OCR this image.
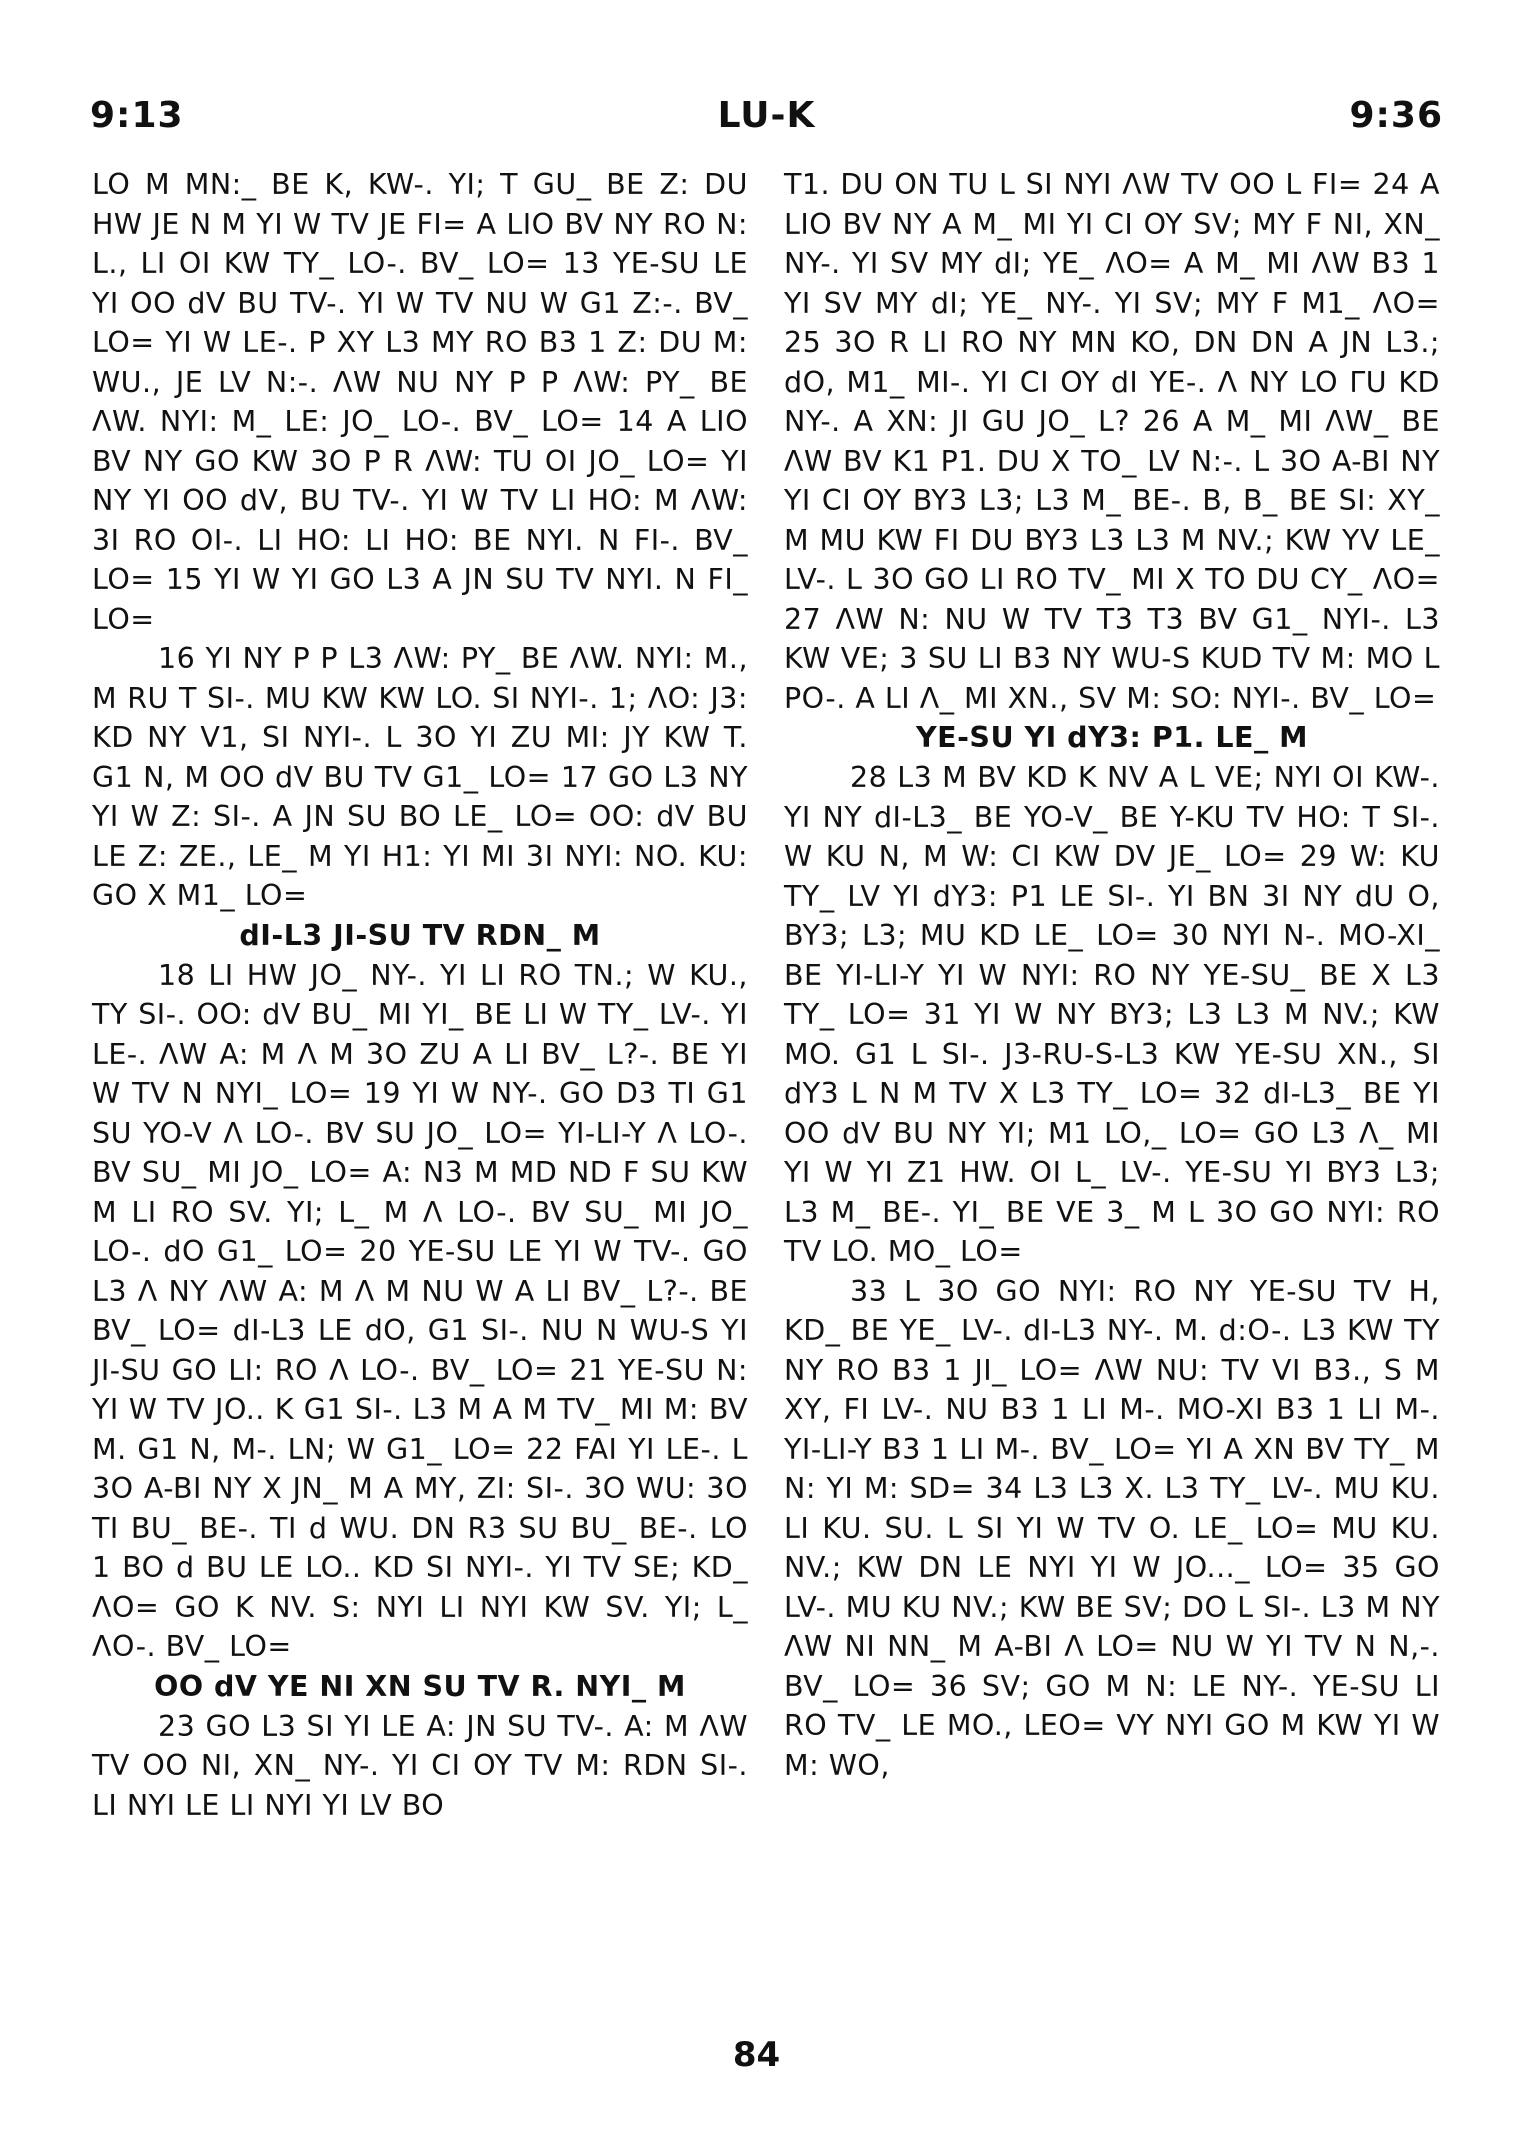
9:13	LU-K	9:36

LO M MN:_ BE K, KW-. YI; T GU_ BE Z: DU HW JE N M YI W TV JE FI= A LIO BV NY RO N: L., LI OI KW TY_ LO-. BV_ LO= 13 YE-SU LE YI OO dV BU TV-. YI W TV NU W G1 Z:-. BV_ LO= YI W LE-. P XY L3 MY RO B3 1 Z: DU M: WU., JE LV N:-. ΛW NU NY P P ΛW: PY_ BE ΛW. NYI: M_ LE: JO_ LO-. BV_ LO= 14 A LIO BV NY GO KW 3O P R ΛW: TU OI JO_ LO= YI NY YI OO dV, BU TV-. YI W TV LI HO: M ΛW: 3I RO OI-. LI HO: LI HO: BE NYI. N FI-. BV_ LO= 15 YI W YI GO L3 A JN SU TV NYI. N FI_ LO=

16 YI NY P P L3 ΛW: PY_ BE ΛW. NYI: M., M RU T SI-. MU KW KW LO. SI NYI-. 1; ΛO: J3: KD NY V1, SI NYI-. L 3O YI ZU MI: JY KW T. G1 N, M OO dV BU TV G1_ LO= 17 GO L3 NY YI W Z: SI-. A JN SU BO LE_ LO= OO: dV BU LE Z: ZE., LE_ M YI H1: YI MI 3I NYI: NO. KU: GO X M1_ LO=

dI-L3 JI-SU TV RDN_ M

18 LI HW JO_ NY-. YI LI RO TN.; W KU., TY SI-. OO: dV BU_ MI YI_ BE LI W TY_ LV-. YI LE-. ΛW A: M Λ M 3O ZU A LI BV_ L?-. BE YI W TV N NYI_ LO= 19 YI W NY-. GO D3 TI G1 SU YO-V Λ LO-. BV SU JO_ LO= YI-LI-Y Λ LO-. BV SU_ MI JO_ LO= A: N3 M MD ND F SU KW M LI RO SV. YI; L_ M Λ LO-. BV SU_ MI JO_ LO-. dO G1_ LO= 20 YE-SU LE YI W TV-. GO L3 Λ NY ΛW A: M Λ M NU W A LI BV_ L?-. BE BV_ LO= dI-L3 LE dO, G1 SI-. NU N WU-S YI JI-SU GO LI: RO Λ LO-. BV_ LO= 21 YE-SU N: YI W TV JO.. K G1 SI-. L3 M A M TV_ MI M: BV M. G1 N, M-. LN; W G1_ LO= 22 FAI YI LE-. L 3O A-BI NY X JN_ M A MY, ZI: SI-. 3O WU: 3O TI BU_ BE-. TI d WU. DN R3 SU BU_ BE-. LO 1 BO d BU LE LO.. KD SI NYI-. YI TV SE; KD_ ΛO= GO K NV. S: NYI LI NYI KW SV. YI; L_ ΛO-. BV_ LO=

OO dV YE NI XN SU TV R. NYI_ M

23 GO L3 SI YI LE A: JN SU TV-. A: M ΛW TV OO NI, XN_ NY-. YI CI OY TV M: RDN SI-. LI NYI LE LI NYI YI LV BO

T1. DU ON TU L SI NYI ΛW TV OO L FI= 24 A LIO BV NY A M_ MI YI CI OY SV; MY F NI, XN_ NY-. YI SV MY dI; YE_ ΛO= A M_ MI ΛW B3 1 YI SV MY dI; YE_ NY-. YI SV; MY F M1_ ΛO= 25 3O R LI RO NY MN KO, DN DN A JN L3.; dO, M1_ MI-. YI CI OY dI YE-. Λ NY LO ΓU KD NY-. A XN: JI GU JO_ L? 26 A M_ MI ΛW_ BE ΛW BV K1 P1. DU X TO_ LV N:-. L 3O A-BI NY YI CI OY BY3 L3; L3 M_ BE-. B, B_ BE SI: XY_ M MU KW FI DU BY3 L3 L3 M NV.; KW YV LE_ LV-. L 3O GO LI RO TV_ MI X TO DU CY_ ΛO= 27 ΛW N: NU W TV T3 T3 BV G1_ NYI-. L3 KW VE; 3 SU LI B3 NY WU-S KUD TV M: MO L PO-. A LI Λ_ MI XN., SV M: SO: NYI-. BV_ LO=

YE-SU YI dY3: P1. LE_ M

28 L3 M BV KD K NV A L VE; NYI OI KW-. YI NY dI-L3_ BE YO-V_ BE Y-KU TV HO: T SI-. W KU N, M W: CI KW DV JE_ LO= 29 W: KU TY_ LV YI dY3: P1 LE SI-. YI BN 3I NY dU O, BY3; L3; MU KD LE_ LO= 30 NYI N-. MO-XI_ BE YI-LI-Y YI W NYI: RO NY YE-SU_ BE X L3 TY_ LO= 31 YI W NY BY3; L3 L3 M NV.; KW MO. G1 L SI-. J3-RU-S-L3 KW YE-SU XN., SI dY3 L N M TV X L3 TY_ LO= 32 dI-L3_ BE YI OO dV BU NY YI; M1 LO,_ LO= GO L3 Λ_ MI YI W YI Z1 HW. OI L_ LV-. YE-SU YI BY3 L3; L3 M_ BE-. YI_ BE VE 3_ M L 3O GO NYI: RO TV LO. MO_ LO=

33 L 3O GO NYI: RO NY YE-SU TV H, KD_ BE YE_ LV-. dI-L3 NY-. M. d:O-. L3 KW TY NY RO B3 1 JI_ LO= ΛW NU: TV VI B3., S M XY, FI LV-. NU B3 1 LI M-. MO-XI B3 1 LI M-. YI-LI-Y B3 1 LI M-. BV_ LO= YI A XN BV TY_ M N: YI M: SD= 34 L3 L3 X. L3 TY_ LV-. MU KU. LI KU. SU. L SI YI W TV O. LE_ LO= MU KU. NV.; KW DN LE NYI YI W JO..._ LO= 35 GO LV-. MU KU NV.; KW BE SV; DO L SI-. L3 M NY ΛW NI NN_ M A-BI Λ LO= NU W YI TV N N,-. BV_ LO= 36 SV; GO M N: LE NY-. YE-SU LI RO TV_ LE MO., LEO= VY NYI GO M KW YI W M: WO,

84
